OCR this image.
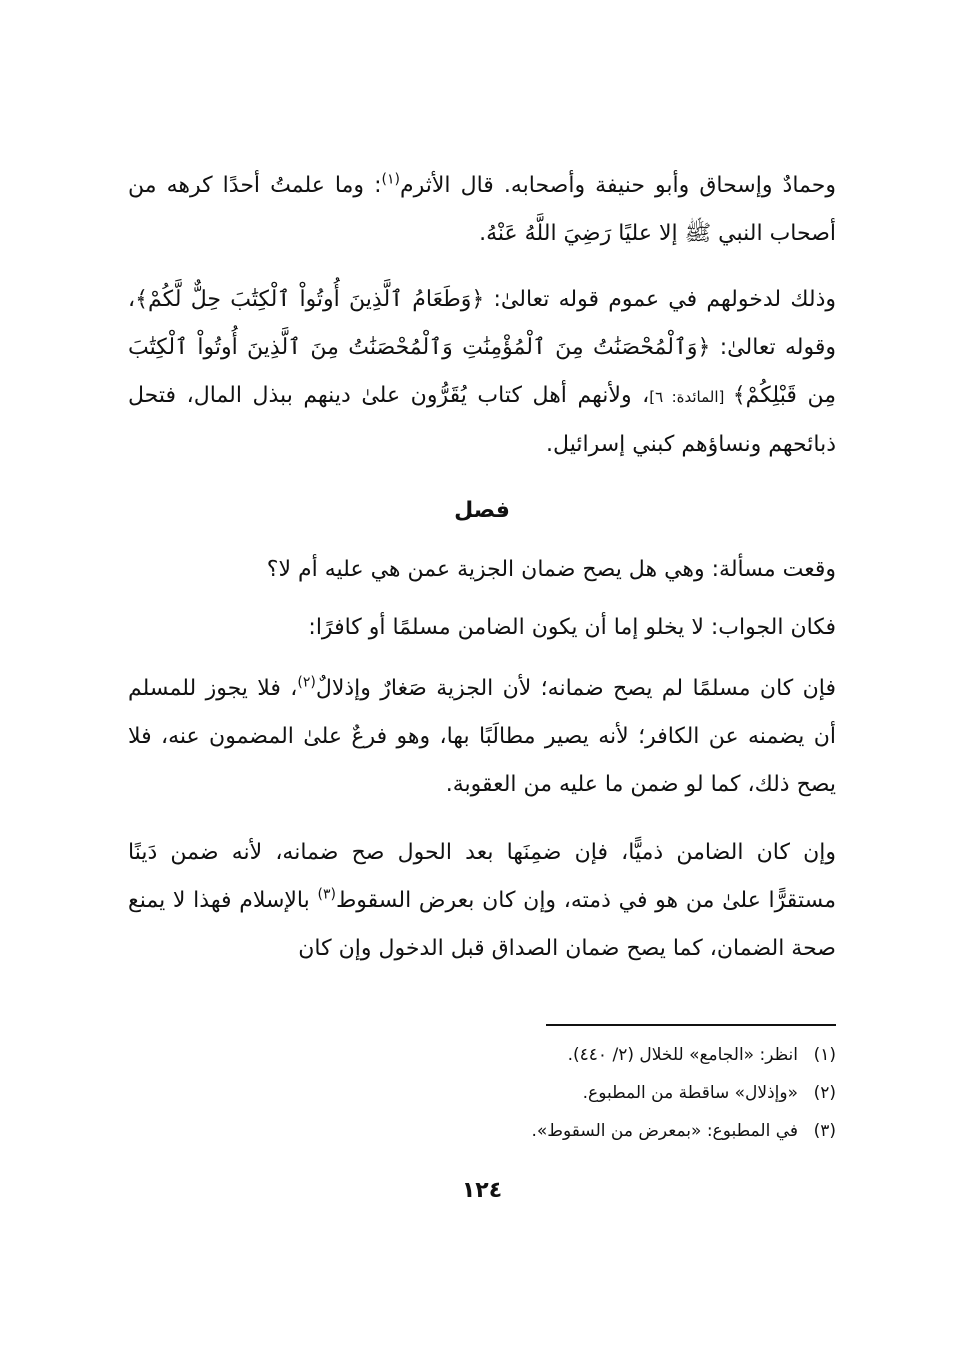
وحمادٌ وإسحاق وأبو حنيفة وأصحابه. قال الأثرم$^{(١)}$: وما علمتُ أحدًا كرهه من أصحاب النبي ﷺ إلا عليًا رَضِيَ اللَّهُ عَنْهُ.

وذلك لدخولهم في عموم قوله تعالىٰ: ﴿وَطَعَامُ ٱلَّذِينَ أُوتُواْ ٱلْكِتَٰبَ حِلٌّ لَّكُمْ﴾، وقوله تعالىٰ: ﴿وَٱلْمُحْصَنَٰتُ مِنَ ٱلْمُؤْمِنَٰتِ وَٱلْمُحْصَنَٰتُ مِنَ ٱلَّذِينَ أُوتُواْ ٱلْكِتَٰبَ مِن قَبْلِكُمْ﴾ [المائدة: ٦]، ولأنهم أهل كتاب يُقَرُّون علىٰ دينهم ببذل المال، فتحل ذبائحهم ونساؤهم كبني إسرائيل.

فصل

وقعت مسألة: وهي هل يصح ضمان الجزية عمن هي عليه أم لا؟

فكان الجواب: لا يخلو إما أن يكون الضامن مسلمًا أو كافرًا:

فإن كان مسلمًا لم يصح ضمانه؛ لأن الجزية صَغارٌ وإذلالٌ$^{(٢)}$، فلا يجوز للمسلم أن يضمنه عن الكافر؛ لأنه يصير مطالَبًا بها، وهو فرعٌ علىٰ المضمون عنه، فلا يصح ذلك، كما لو ضمن ما عليه من العقوبة.

وإن كان الضامن ذميًّا، فإن ضمِنَها بعد الحول صح ضمانه، لأنه ضمن دَينًا مستقرًّا علىٰ من هو في ذمته، وإن كان بعرض السقوط$^{(٣)}$ بالإسلام فهذا لا يمنع صحة الضمان، كما يصح ضمان الصداق قبل الدخول وإن كان

(١)انظر: «الجامع» للخلال (٢/ ٤٤٠).

(٢)«وإذلال» ساقطة من المطبوع.

(٣)في المطبوع: «بمعرض من السقوط».

١٢٤
